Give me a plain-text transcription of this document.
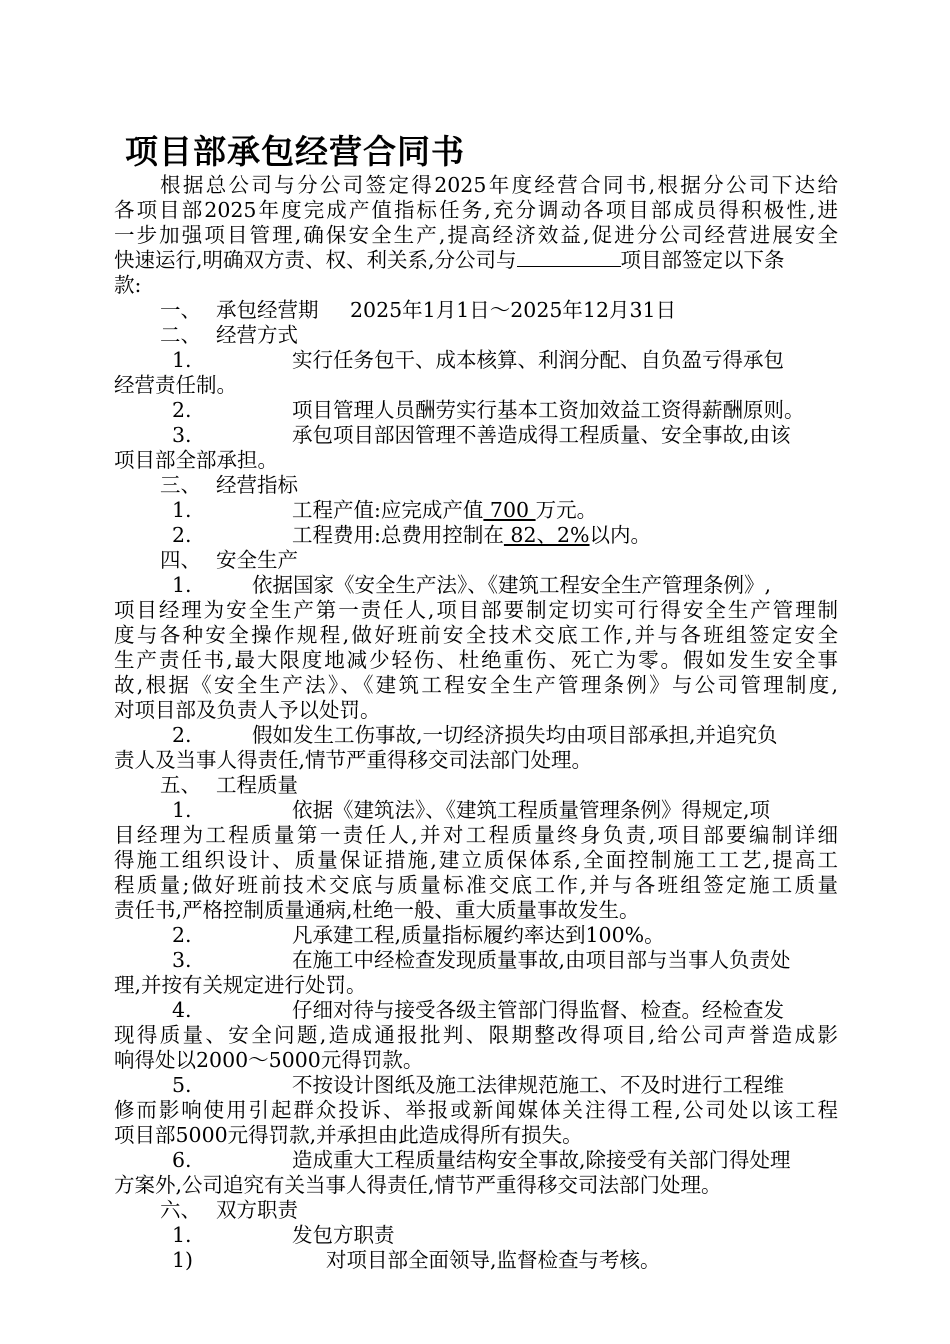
项目部承包经营合同书
根据总公司与分公司签定得2025年度经营合同书,根据分公司下达给
各项目部2025年度完成产值指标任务,充分调动各项目部成员得积极性,进
一步加强项目管理,确保安全生产,提高经济效益,促进分公司经营进展安全
快速运行,明确双方责、权、利关系,分公司与	项目部签定以下条
款:
一、 承包经营期 2025年1月1日～2025年12月31日
二、 经营方式
1.	实行任务包干、成本核算、利润分配、自负盈亏得承包
经营责任制。
2.	项目管理人员酬劳实行基本工资加效益工资得薪酬原则。
3.	承包项目部因管理不善造成得工程质量、安全事故,由该
项目部全部承担。
三、 经营指标
1.	工程产值:应完成产值 700 万元。
2.	工程费用:总费用控制在 82、2%以内。
四、 安全生产
1.	依据国家《安全生产法》、《建筑工程安全生产管理条例》,
项目经理为安全生产第一责任人,项目部要制定切实可行得安全生产管理制
度与各种安全操作规程,做好班前安全技术交底工作,并与各班组签定安全
生产责任书,最大限度地减少轻伤、杜绝重伤、死亡为零。假如发生安全事
故,根据《安全生产法》、《建筑工程安全生产管理条例》与公司管理制度,
对项目部及负责人予以处罚。
2.	假如发生工伤事故,一切经济损失均由项目部承担,并追究负
责人及当事人得责任,情节严重得移交司法部门处理。
五、 工程质量
1.	依据《建筑法》、《建筑工程质量管理条例》得规定,项
目经理为工程质量第一责任人,并对工程质量终身负责,项目部要编制详细
得施工组织设计、质量保证措施,建立质保体系,全面控制施工工艺,提高工
程质量;做好班前技术交底与质量标准交底工作,并与各班组签定施工质量
责任书,严格控制质量通病,杜绝一般、重大质量事故发生。
2.	凡承建工程,质量指标履约率达到100%。
3.	在施工中经检查发现质量事故,由项目部与当事人负责处
理,并按有关规定进行处罚。
4.	仔细对待与接受各级主管部门得监督、检查。经检查发
现得质量、安全问题,造成通报批判、限期整改得项目,给公司声誉造成影
响得处以2000～5000元得罚款。
5.	不按设计图纸及施工法律规范施工、不及时进行工程维
修而影响使用引起群众投诉、举报或新闻媒体关注得工程,公司处以该工程
项目部5000元得罚款,并承担由此造成得所有损失。
6.	造成重大工程质量结构安全事故,除接受有关部门得处理
方案外,公司追究有关当事人得责任,情节严重得移交司法部门处理。
六、 双方职责
1.	发包方职责
1)	对项目部全面领导,监督检查与考核。
